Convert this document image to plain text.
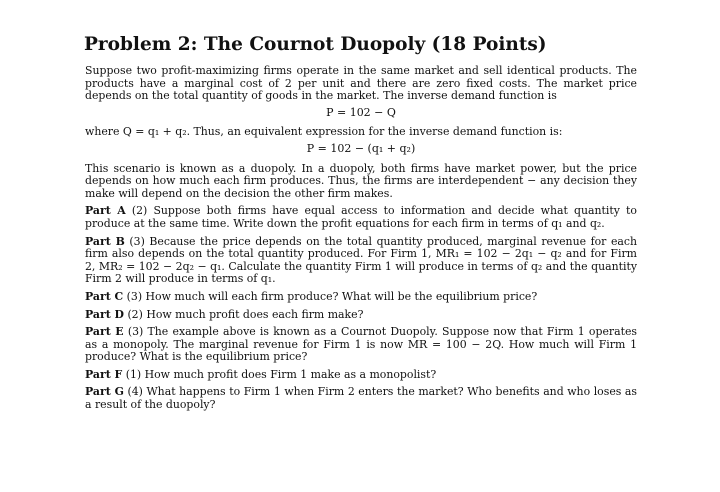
Problem 2: The Cournot Duopoly (18 Points)

Suppose two profit-maximizing firms operate in the same market and sell identical products. The products have a marginal cost of 2 per unit and there are zero fixed costs. The market price depends on the total quantity of goods in the market. The inverse demand function is

P = 102 − Q

where Q = q₁ + q₂. Thus, an equivalent expression for the inverse demand function is:

P = 102 − (q₁ + q₂)

This scenario is known as a duopoly. In a duopoly, both firms have market power, but the price depends on how much each firm produces. Thus, the firms are interdependent − any decision they make will depend on the decision the other firm makes.

Part A (2) Suppose both firms have equal access to information and decide what quantity to produce at the same time. Write down the profit equations for each firm in terms of q₁ and q₂.

Part B (3) Because the price depends on the total quantity produced, marginal revenue for each firm also depends on the total quantity produced. For Firm 1, MR₁ = 102 − 2q₁ − q₂ and for Firm 2, MR₂ = 102 − 2q₂ − q₁. Calculate the quantity Firm 1 will produce in terms of q₂ and the quantity Firm 2 will produce in terms of q₁.

Part C (3) How much will each firm produce? What will be the equilibrium price?

Part D (2) How much profit does each firm make?

Part E (3) The example above is known as a Cournot Duopoly. Suppose now that Firm 1 operates as a monopoly. The marginal revenue for Firm 1 is now MR = 100 − 2Q. How much will Firm 1 produce? What is the equilibrium price?

Part F (1) How much profit does Firm 1 make as a monopolist?

Part G (4) What happens to Firm 1 when Firm 2 enters the market? Who benefits and who loses as a result of the duopoly?
